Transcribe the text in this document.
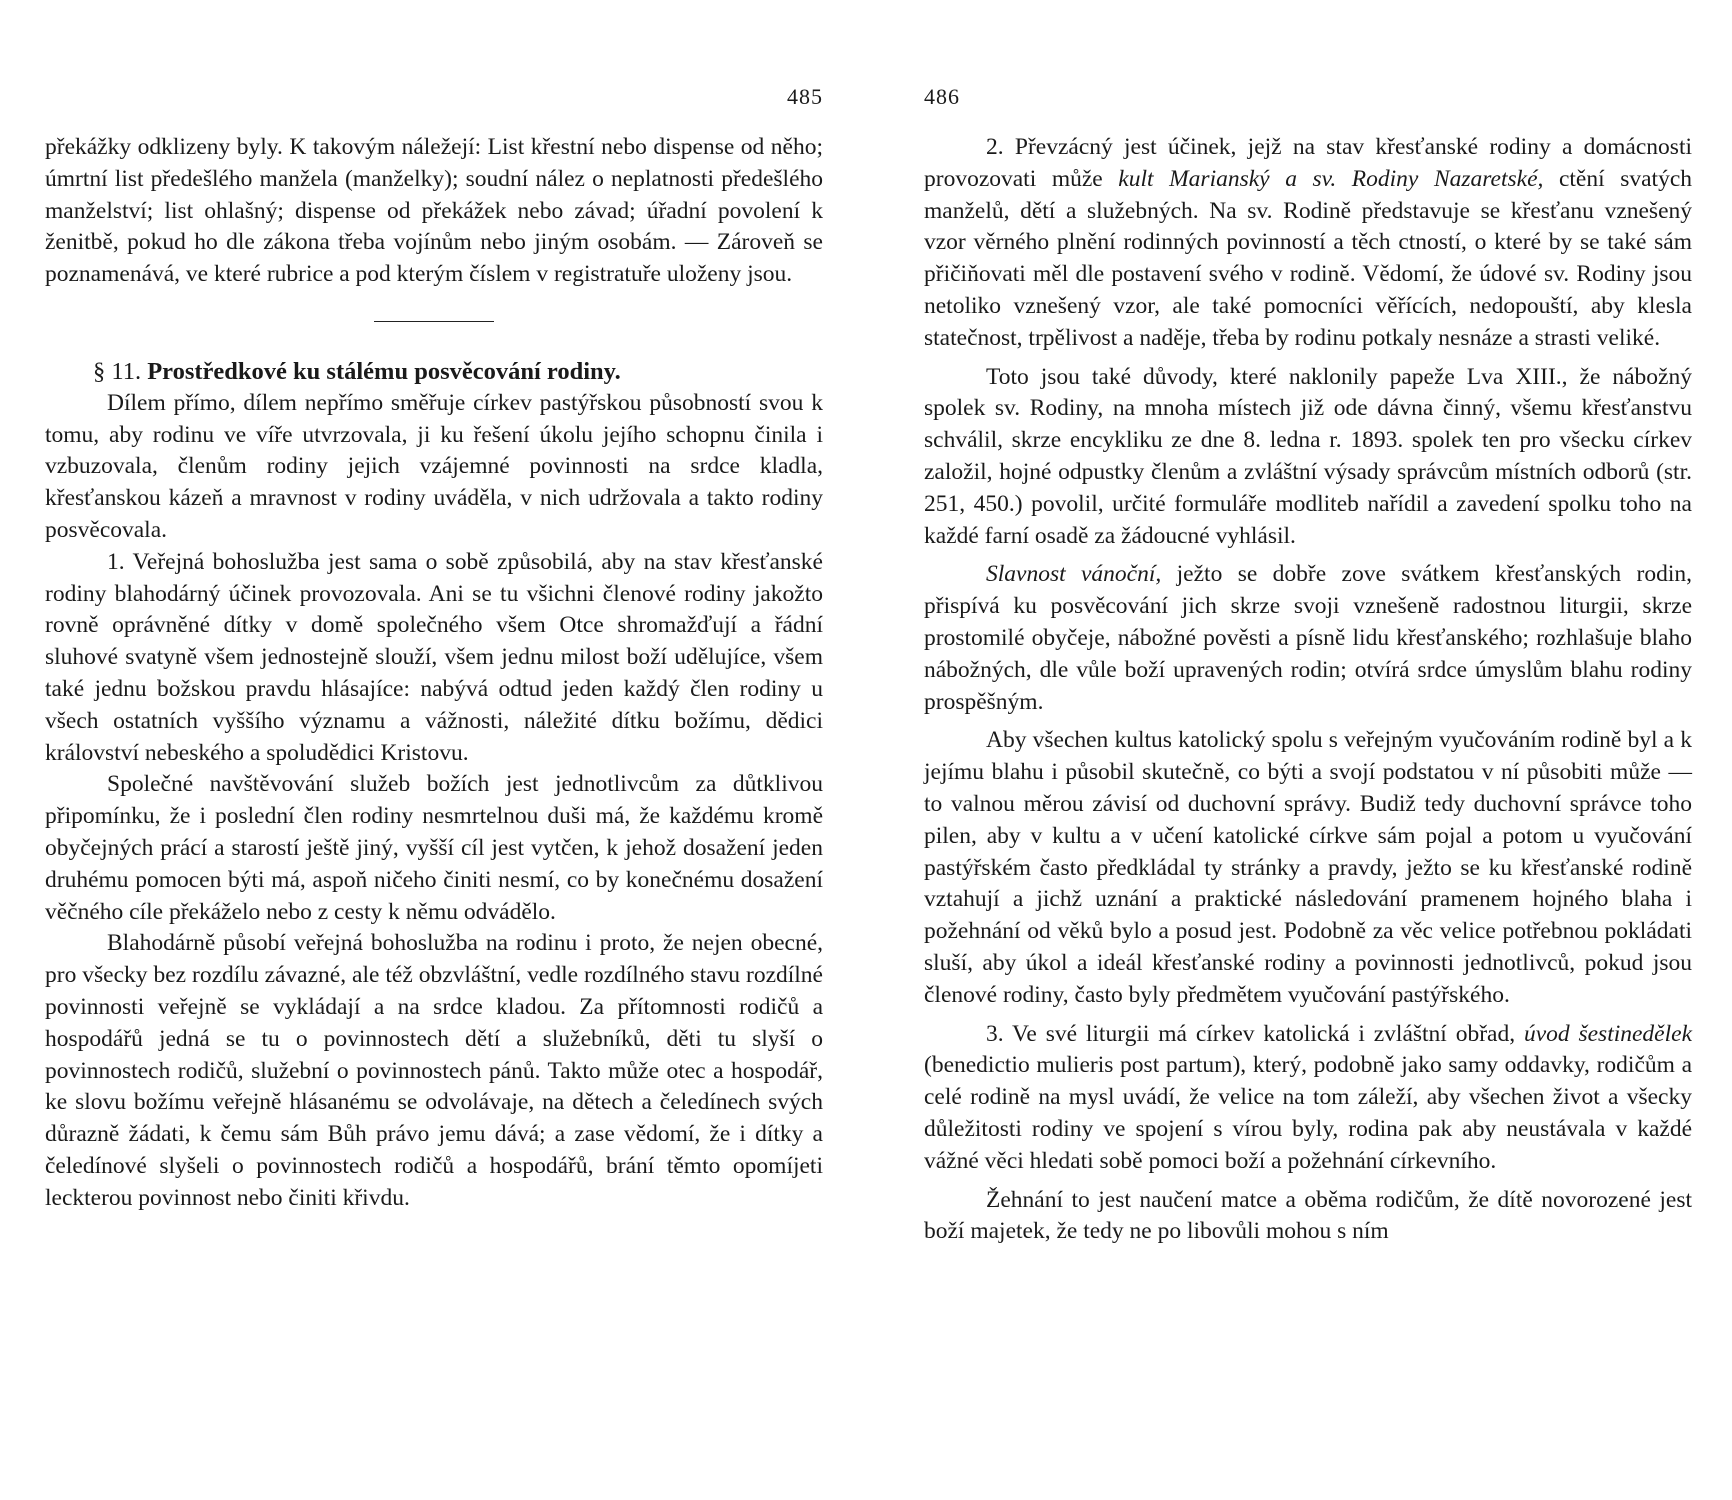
485

překážky odklizeny byly. K takovým náležejí: List křestní nebo dispense od něho; úmrtní list předešlého manžela (manželky); soudní nález o neplatnosti předešlého manželství; list ohlašný; dispense od překážek nebo závad; úřadní povolení k ženitbě, pokud ho dle zákona třeba vojínům nebo jiným osobám. — Zároveň se poznamenává, ve které rubrice a pod kterým číslem v registratuře uloženy jsou.

§ 11. Prostředkové ku stálému posvěcování rodiny.

Dílem přímo, dílem nepřímo směřuje církev pastýřskou působností svou k tomu, aby rodinu ve víře utvrzovala, ji ku řešení úkolu jejího schopnu činila i vzbuzovala, členům rodiny jejich vzájemné povinnosti na srdce kladla, křesťanskou kázeň a mravnost v rodiny uváděla, v nich udržovala a takto rodiny posvěcovala.

1. Veřejná bohoslužba jest sama o sobě způsobilá, aby na stav křesťanské rodiny blahodárný účinek provozovala. Ani se tu všichni členové rodiny jakožto rovně oprávněné dítky v domě společného všem Otce shromažďují a řádní sluhové svatyně všem jednostejně slouží, všem jednu milost boží udělujíce, všem také jednu božskou pravdu hlásajíce: nabývá odtud jeden každý člen rodiny u všech ostatních vyššího významu a vážnosti, náležité dítku božímu, dědici království nebeského a spoludědici Kristovu.

Společné navštěvování služeb božích jest jednotlivcům za důtklivou připomínku, že i poslední člen rodiny nesmrtelnou duši má, že každému kromě obyčejných prácí a starostí ještě jiný, vyšší cíl jest vytčen, k jehož dosažení jeden druhému pomocen býti má, aspoň ničeho činiti nesmí, co by konečnému dosažení věčného cíle překáželo nebo z cesty k němu odvádělo.

Blahodárně působí veřejná bohoslužba na rodinu i proto, že nejen obecné, pro všecky bez rozdílu závazné, ale též obzvláštní, vedle rozdílného stavu rozdílné povinnosti veřejně se vykládají a na srdce kladou. Za přítomnosti rodičů a hospodářů jedná se tu o povinnostech dětí a služebníků, děti tu slyší o povinnostech rodičů, služební o povinnostech pánů. Takto může otec a hospodář, ke slovu božímu veřejně hlásanému se odvolávaje, na dětech a čeledínech svých důrazně žádati, k čemu sám Bůh právo jemu dává; a zase vědomí, že i dítky a čeledínové slyšeli o povinnostech rodičů a hospodářů, brání těmto opomíjeti leckterou povinnost nebo činiti křivdu.

486

2. Převzácný jest účinek, jejž na stav křesťanské rodiny a domácnosti provozovati může kult Marianský a sv. Rodiny Nazaretské, ctění svatých manželů, dětí a služebných. Na sv. Rodině představuje se křesťanu vznešený vzor věrného plnění rodinných povinností a těch ctností, o které by se také sám přičiňovati měl dle postavení svého v rodině. Vědomí, že údové sv. Rodiny jsou netoliko vznešený vzor, ale také pomocníci věřících, nedopouští, aby klesla statečnost, trpělivost a naděje, třeba by rodinu potkaly nesnáze a strasti veliké.

Toto jsou také důvody, které naklonily papeže Lva XIII., že nábožný spolek sv. Rodiny, na mnoha místech již ode dávna činný, všemu křesťanstvu schválil, skrze encykliku ze dne 8. ledna r. 1893. spolek ten pro všecku církev založil, hojné odpustky členům a zvláštní výsady správcům místních odborů (str. 251, 450.) povolil, určité formuláře modliteb nařídil a zavedení spolku toho na každé farní osadě za žádoucné vyhlásil.

Slavnost vánoční, ježto se dobře zove svátkem křesťanských rodin, přispívá ku posvěcování jich skrze svoji vznešeně radostnou liturgii, skrze prostomilé obyčeje, nábožné pověsti a písně lidu křesťanského; rozhlašuje blaho nábožných, dle vůle boží upravených rodin; otvírá srdce úmyslům blahu rodiny prospěšným.

Aby všechen kultus katolický spolu s veřejným vyučováním rodině byl a k jejímu blahu i působil skutečně, co býti a svojí podstatou v ní působiti může — to valnou měrou závisí od duchovní správy. Budiž tedy duchovní správce toho pilen, aby v kultu a v učení katolické církve sám pojal a potom u vyučování pastýřském často předkládal ty stránky a pravdy, ježto se ku křesťanské rodině vztahují a jichž uznání a praktické následování pramenem hojného blaha i požehnání od věků bylo a posud jest. Podobně za věc velice potřebnou pokládati sluší, aby úkol a ideál křesťanské rodiny a povinnosti jednotlivců, pokud jsou členové rodiny, často byly předmětem vyučování pastýřského.

3. Ve své liturgii má církev katolická i zvláštní obřad, úvod šestinedělek (benedictio mulieris post partum), který, podobně jako samy oddavky, rodičům a celé rodině na mysl uvádí, že velice na tom záleží, aby všechen život a všecky důležitosti rodiny ve spojení s vírou byly, rodina pak aby neustávala v každé vážné věci hledati sobě pomoci boží a požehnání církevního.

Žehnání to jest naučení matce a oběma rodičům, že dítě novorozené jest boží majetek, že tedy ne po libovůli mohou s ním
